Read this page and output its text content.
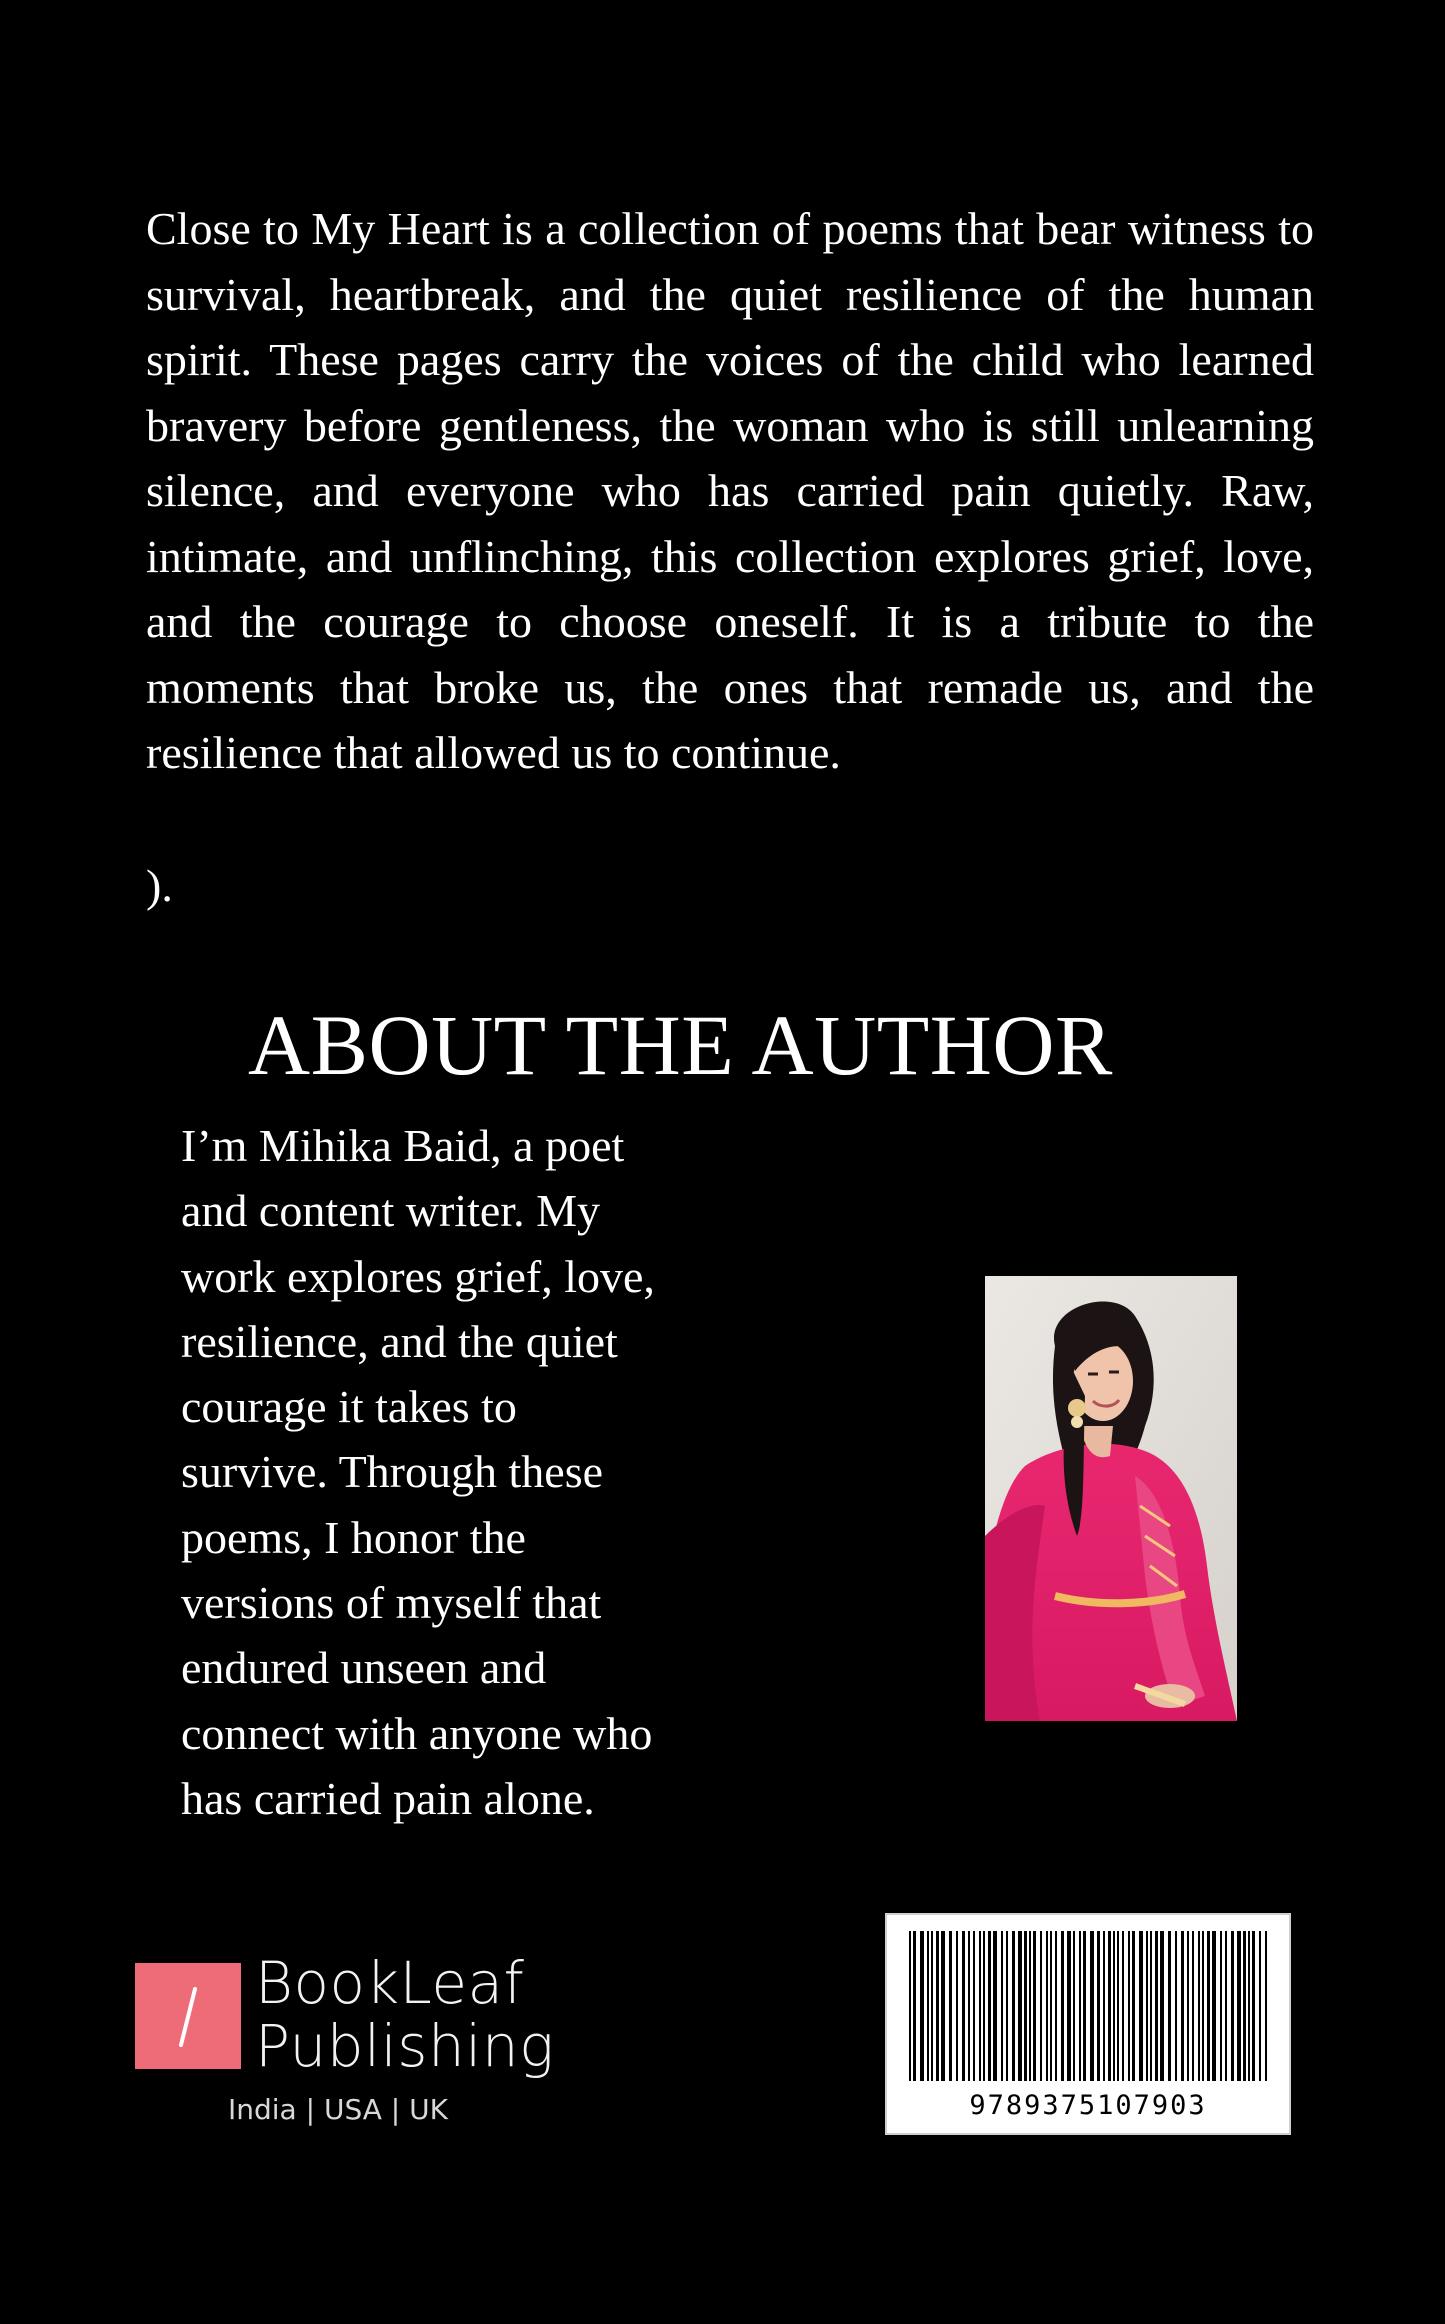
Close to My Heart is a collection of poems that bear witness to survival, heartbreak, and the quiet resilience of the human spirit. These pages carry the voices of the child who learned bravery before gentleness, the woman who is still unlearning silence, and everyone who has carried pain quietly. Raw, intimate, and unflinching, this collection explores grief, love, and the courage to choose oneself. It is a tribute to the moments that broke us, the ones that remade us, and the resilience that allowed us to continue.

).
ABOUT THE AUTHOR
I’m Mihika Baid, a poet
and content writer. My
work explores grief, love,
resilience, and the quiet
courage it takes to
survive. Through these
poems, I honor the
versions of myself that
endured unseen and
connect with anyone who
has carried pain alone.
BookLeaf
Publishing
India | USA | UK	9789375107903
